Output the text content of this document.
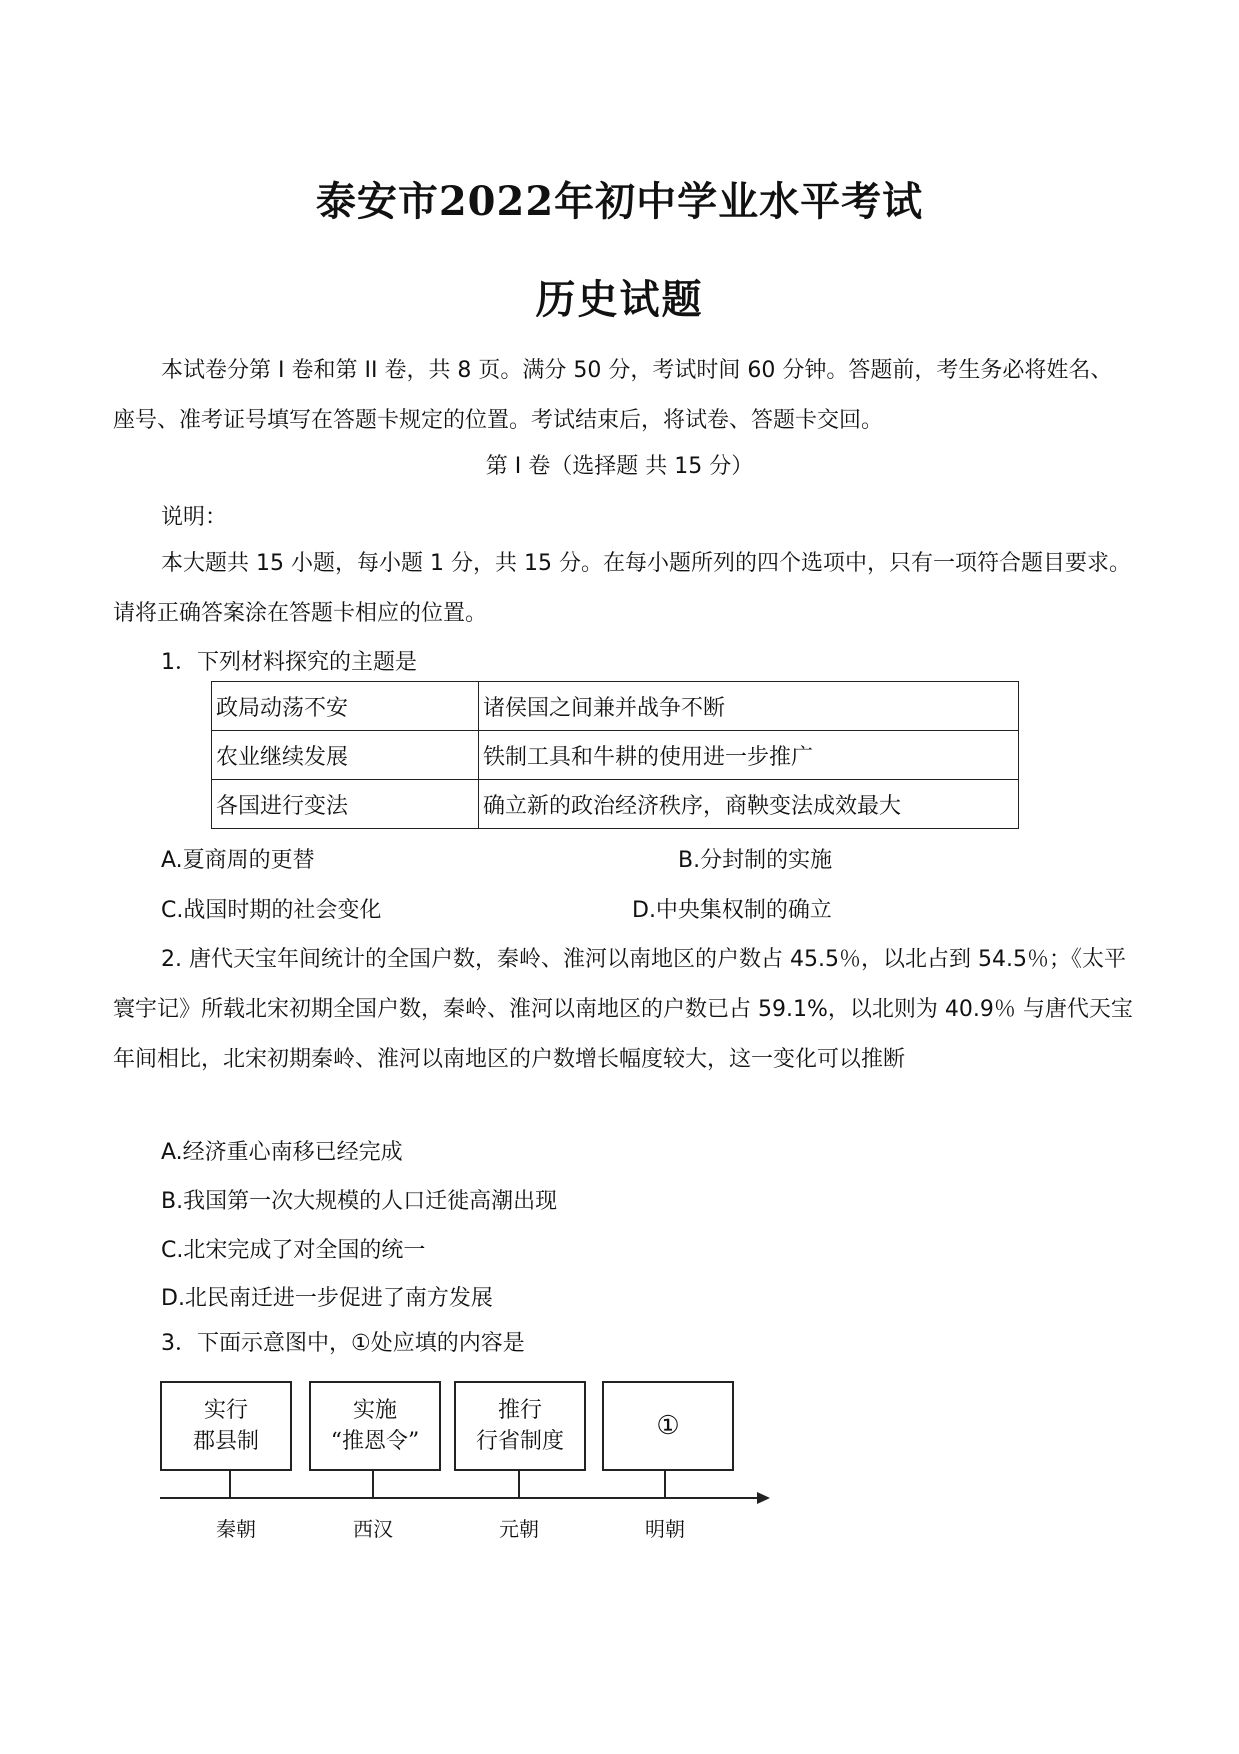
泰安市2022年初中学业水平考试
历史试题
本试卷分第 I 卷和第 II 卷，共 8 页。满分 50 分，考试时间 60 分钟。答题前，考生务必将姓名、座号、准考证号填写在答题卡规定的位置。考试结束后，将试卷、答题卡交回。
第 I 卷（选择题 共 15 分）
说明：
本大题共 15 小题，每小题 1 分，共 15 分。在每小题所列的四个选项中，只有一项符合题目要求。请将正确答案涂在答题卡相应的位置。
1．下列材料探究的主题是
政局动荡不安	诸侯国之间兼并战争不断
农业继续发展	铁制工具和牛耕的使用进一步推广
各国进行变法	确立新的政治经济秩序，商鞅变法成效最大
A.夏商周的更替	B.分封制的实施
C.战国时期的社会变化	D.中央集权制的确立
2. 唐代天宝年间统计的全国户数，秦岭、淮河以南地区的户数占 45.5％，以北占到 54.5％；《太平寰宇记》所载北宋初期全国户数，秦岭、淮河以南地区的户数已占 59.1%，以北则为 40.9％ 与唐代天宝年间相比，北宋初期秦岭、淮河以南地区的户数增长幅度较大，这一变化可以推断
A.经济重心南移已经完成
B.我国第一次大规模的人口迁徙高潮出现
C.北宋完成了对全国的统一
D.北民南迁进一步促进了南方发展
3．下面示意图中，①处应填的内容是
实行
郡县制
实施
“推恩令”
推行
行省制度
①
秦朝	西汉	元朝	明朝
